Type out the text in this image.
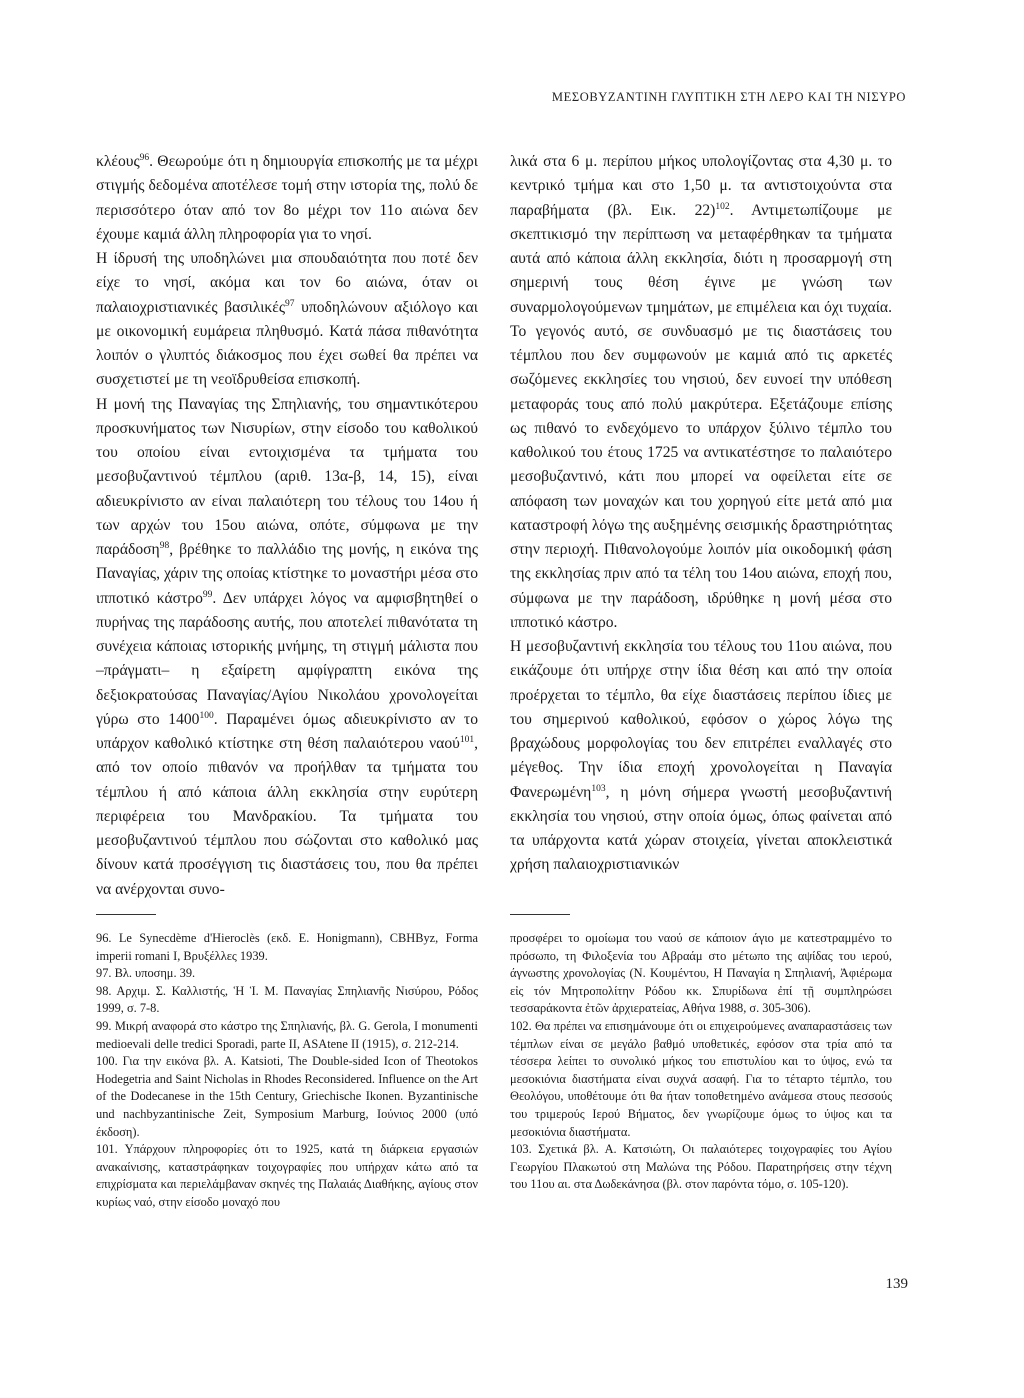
ΜΕΣΟΒΥΖΑΝΤΙΝΗ ΓΛΥΠΤΙΚΗ ΣΤΗ ΛΕΡΟ ΚΑΙ ΤΗ ΝΙΣΥΡΟ

κλέους$^{96}$. Θεωρούμε ότι η δημιουργία επισκοπής με τα μέχρι στιγμής δεδομένα αποτέλεσε τομή στην ιστορία της, πολύ δε περισσότερο όταν από τον 8ο μέχρι τον 11ο αιώνα δεν έχουμε καμιά άλλη πληροφορία για το νησί.

Η ίδρυσή της υποδηλώνει μια σπουδαιότητα που ποτέ δεν είχε το νησί, ακόμα και τον 6ο αιώνα, όταν οι παλαιοχριστιανικές βασιλικές$^{97}$ υποδηλώνουν αξιόλογο και με οικονομική ευμάρεια πληθυσμό. Κατά πάσα πιθανότητα λοιπόν ο γλυπτός διάκοσμος που έχει σωθεί θα πρέπει να συσχετιστεί με τη νεοϊδρυθείσα επισκοπή.

Η μονή της Παναγίας της Σπηλιανής, του σημαντικότερου προσκυνήματος των Νισυρίων, στην είσοδο του καθολικού του οποίου είναι εντοιχισμένα τα τμήματα του μεσοβυζαντινού τέμπλου (αριθ. 13α-β, 14, 15), είναι αδιευκρίνιστο αν είναι παλαιότερη του τέλους του 14ου ή των αρχών του 15ου αιώνα, οπότε, σύμφωνα με την παράδοση$^{98}$, βρέθηκε το παλλάδιο της μονής, η εικόνα της Παναγίας, χάριν της οποίας κτίστηκε το μοναστήρι μέσα στο ιπποτικό κάστρο$^{99}$. Δεν υπάρχει λόγος να αμφισβητηθεί ο πυρήνας της παράδοσης αυτής, που αποτελεί πιθανότατα τη συνέχεια κάποιας ιστορικής μνήμης, τη στιγμή μάλιστα που –πράγματι– η εξαίρετη αμφίγραπτη εικόνα της δεξιοκρατούσας Παναγίας/Αγίου Νικολάου χρονολογείται γύρω στο 1400$^{100}$. Παραμένει όμως αδιευκρίνιστο αν το υπάρχον καθολικό κτίστηκε στη θέση παλαιότερου ναού$^{101}$, από τον οποίο πιθανόν να προήλθαν τα τμήματα του τέμπλου ή από κάποια άλλη εκκλησία στην ευρύτερη περιφέρεια του Μανδρακίου. Τα τμήματα του μεσοβυζαντινού τέμπλου που σώζονται στο καθολικό μας δίνουν κατά προσέγγιση τις διαστάσεις του, που θα πρέπει να ανέρχονται συνο-

λικά στα 6 μ. περίπου μήκος υπολογίζοντας στα 4,30 μ. το κεντρικό τμήμα και στο 1,50 μ. τα αντιστοιχούντα στα παραβήματα (βλ. Εικ. 22)$^{102}$. Αντιμετωπίζουμε με σκεπτικισμό την περίπτωση να μεταφέρθηκαν τα τμήματα αυτά από κάποια άλλη εκκλησία, διότι η προσαρμογή στη σημερινή τους θέση έγινε με γνώση των συναρμολογούμενων τμημάτων, με επιμέλεια και όχι τυχαία. Το γεγονός αυτό, σε συνδυασμό με τις διαστάσεις του τέμπλου που δεν συμφωνούν με καμιά από τις αρκετές σωζόμενες εκκλησίες του νησιού, δεν ευνοεί την υπόθεση μεταφοράς τους από πολύ μακρύτερα. Εξετάζουμε επίσης ως πιθανό το ενδεχόμενο το υπάρχον ξύλινο τέμπλο του καθολικού του έτους 1725 να αντικατέστησε το παλαιότερο μεσοβυζαντινό, κάτι που μπορεί να οφείλεται είτε σε απόφαση των μοναχών και του χορηγού είτε μετά από μια καταστροφή λόγω της αυξημένης σεισμικής δραστηριότητας στην περιοχή. Πιθανολογούμε λοιπόν μία οικοδομική φάση της εκκλησίας πριν από τα τέλη του 14ου αιώνα, εποχή που, σύμφωνα με την παράδοση, ιδρύθηκε η μονή μέσα στο ιπποτικό κάστρο.

Η μεσοβυζαντινή εκκλησία του τέλους του 11ου αιώνα, που εικάζουμε ότι υπήρχε στην ίδια θέση και από την οποία προέρχεται το τέμπλο, θα είχε διαστάσεις περίπου ίδιες με του σημερινού καθολικού, εφόσον ο χώρος λόγω της βραχώδους μορφολογίας του δεν επιτρέπει εναλλαγές στο μέγεθος. Την ίδια εποχή χρονολογείται η Παναγία Φανερωμένη$^{103}$, η μόνη σήμερα γνωστή μεσοβυζαντινή εκκλησία του νησιού, στην οποία όμως, όπως φαίνεται από τα υπάρχοντα κατά χώραν στοιχεία, γίνεται αποκλειστικά χρήση παλαιοχριστιανικών

96. Le Synecdème d'Hieroclès (εκδ. E. Honigmann), CBHByz, Forma imperii romani I, Βρυξέλλες 1939.

97. Βλ. υποσημ. 39.

98. Αρχιμ. Σ. Καλλιστής, Ἡ Ἱ. Μ. Παναγίας Σπηλιανῆς Νισύρου, Ρόδος 1999, σ. 7-8.

99. Μικρή αναφορά στο κάστρο της Σπηλιανής, βλ. G. Gerola, I monumenti medioevali delle tredici Sporadi, parte II, ASAtene II (1915), σ. 212-214.

100. Για την εικόνα βλ. A. Katsioti, The Double-sided Icon of Theotokos Hodegetria and Saint Nicholas in Rhodes Reconsidered. Influence on the Art of the Dodecanese in the 15th Century, Griechische Ikonen. Byzantinische und nachbyzantinische Zeit, Symposium Marburg, Ιούνιος 2000 (υπό έκδοση).

101. Υπάρχουν πληροφορίες ότι το 1925, κατά τη διάρκεια εργασιών ανακαίνισης, καταστράφηκαν τοιχογραφίες που υπήρχαν κάτω από τα επιχρίσματα και περιελάμβαναν σκηνές της Παλαιάς Διαθήκης, αγίους στον κυρίως ναό, στην είσοδο μοναχό που

προσφέρει το ομοίωμα του ναού σε κάποιον άγιο με κατεστραμμένο το πρόσωπο, τη Φιλοξενία του Αβραάμ στο μέτωπο της αψίδας του ιερού, άγνωστης χρονολογίας (Ν. Κουμέντου, Η Παναγία η Σπηλιανή, Ἀφιέρωμα εἰς τόν Μητροπολίτην Ρόδου κκ. Σπυρίδωνα ἐπί τῇ συμπληρώσει τεσσαράκοντα ἐτῶν ἀρχιερατείας, Αθήνα 1988, σ. 305-306).

102. Θα πρέπει να επισημάνουμε ότι οι επιχειρούμενες αναπαραστάσεις των τέμπλων είναι σε μεγάλο βαθμό υποθετικές, εφόσον στα τρία από τα τέσσερα λείπει το συνολικό μήκος του επιστυλίου και το ύψος, ενώ τα μεσοκιόνια διαστήματα είναι συχνά ασαφή. Για το τέταρτο τέμπλο, του Θεολόγου, υποθέτουμε ότι θα ήταν τοποθετημένο ανάμεσα στους πεσσούς του τριμερούς Ιερού Βήματος, δεν γνωρίζουμε όμως το ύψος και τα μεσοκιόνια διαστήματα.

103. Σχετικά βλ. Α. Κατσιώτη, Οι παλαιότερες τοιχογραφίες του Αγίου Γεωργίου Πλακωτού στη Μαλώνα της Ρόδου. Παρατηρήσεις στην τέχνη του 11ου αι. στα Δωδεκάνησα (βλ. στον παρόντα τόμο, σ. 105-120).

139
